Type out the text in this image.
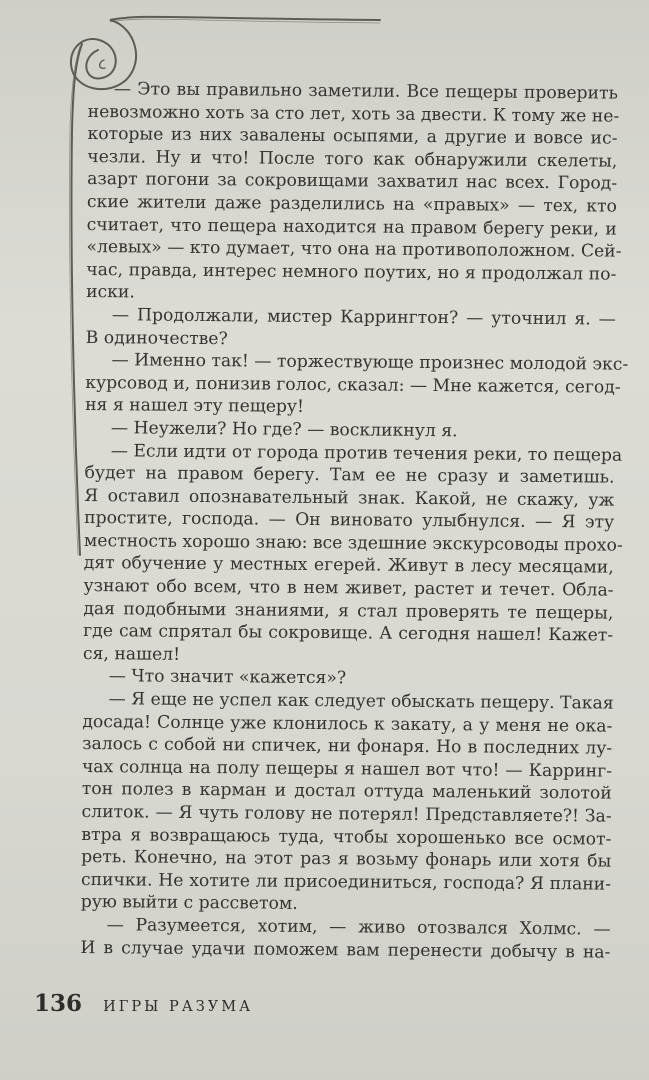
— Это вы правильно заметили. Все пещеры проверить
невозможно хоть за сто лет, хоть за двести. К тому же не-
которые из них завалены осыпями, а другие и вовсе ис-
чезли. Ну и что! После того как обнаружили скелеты,
азарт погони за сокровищами захватил нас всех. Город-
ские жители даже разделились на «правых» — тех, кто
считает, что пещера находится на правом берегу реки, и
«левых» — кто думает, что она на противоположном. Сей-
час, правда, интерес немного поутих, но я продолжал по-
иски.
— Продолжали, мистер Каррингтон? — уточнил я. —
В одиночестве?
— Именно так! — торжествующе произнес молодой экс-
курсовод и, понизив голос, сказал: — Мне кажется, сегод-
ня я нашел эту пещеру!
— Неужели? Но где? — воскликнул я.
— Если идти от города против течения реки, то пещера
будет на правом берегу. Там ее не сразу и заметишь.
Я оставил опознавательный знак. Какой, не скажу, уж
простите, господа. — Он виновато улыбнулся. — Я эту
местность хорошо знаю: все здешние экскурсоводы прохо-
дят обучение у местных егерей. Живут в лесу месяцами,
узнают обо всем, что в нем живет, растет и течет. Обла-
дая подобными знаниями, я стал проверять те пещеры,
где сам спрятал бы сокровище. А сегодня нашел! Кажет-
ся, нашел!
— Что значит «кажется»?
— Я еще не успел как следует обыскать пещеру. Такая
досада! Солнце уже клонилось к закату, а у меня не ока-
залось с собой ни спичек, ни фонаря. Но в последних лу-
чах солнца на полу пещеры я нашел вот что! — Карринг-
тон полез в карман и достал оттуда маленький золотой
слиток. — Я чуть голову не потерял! Представляете?! За-
втра я возвращаюсь туда, чтобы хорошенько все осмот-
реть. Конечно, на этот раз я возьму фонарь или хотя бы
спички. Не хотите ли присоединиться, господа? Я плани-
рую выйти с рассветом.
— Разумеется, хотим, — живо отозвался Холмс. —
И в случае удачи поможем вам перенести добычу в на-
136 ИГРЫ РАЗУМА
